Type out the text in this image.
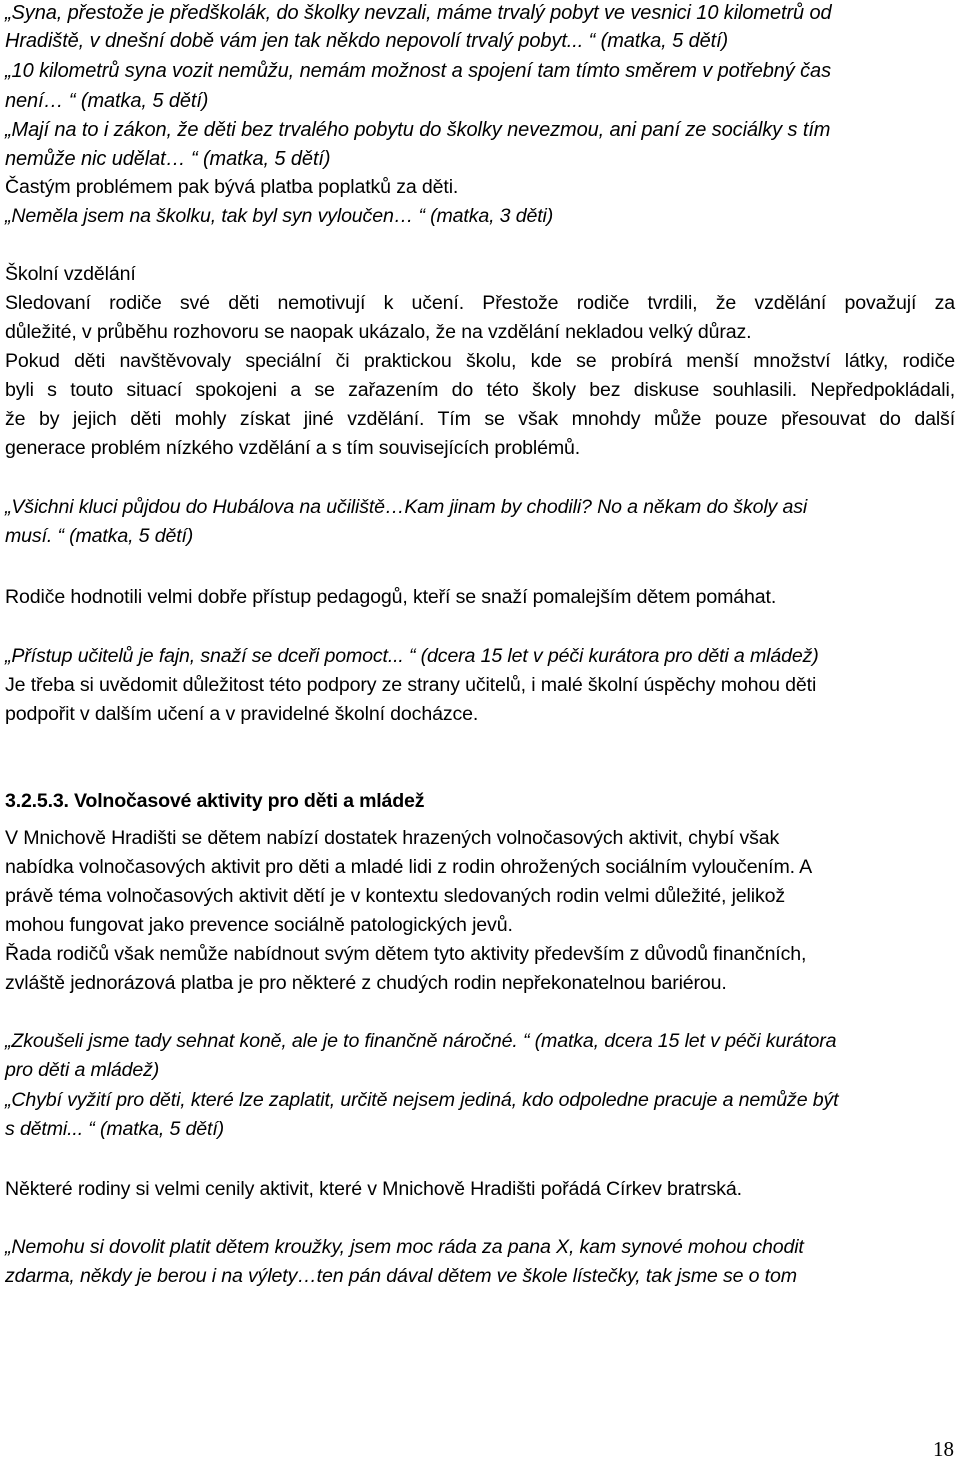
„Syna, přestože je předškolák, do školky nevzali, máme trvalý pobyt ve vesnici 10 kilometrů od
Hradiště, v dnešní době vám jen tak někdo nepovolí trvalý pobyt... “ (matka, 5 dětí)
„10 kilometrů syna vozit nemůžu, nemám možnost a spojení tam tímto směrem v potřebný čas
není… “ (matka, 5 dětí)
„Mají na to i zákon, že děti bez trvalého pobytu do školky nevezmou, ani paní ze sociálky s tím
nemůže nic udělat… “ (matka, 5 dětí)
Častým problémem pak bývá platba poplatků za děti.
„Neměla jsem na školku, tak byl syn vyloučen… “ (matka, 3 děti)
Školní vzdělání
Sledovaní rodiče své děti nemotivují k učení. Přestože rodiče tvrdili, že vzdělání považují za
důležité, v průběhu rozhovoru se naopak ukázalo, že na vzdělání nekladou velký důraz.
Pokud děti navštěvovaly speciální či praktickou školu, kde se probírá menší množství látky, rodiče
byli s touto situací spokojeni a se zařazením do této školy bez diskuse souhlasili. Nepředpokládali,
že by jejich děti mohly získat jiné vzdělání. Tím se však mnohdy může pouze přesouvat do další
generace problém nízkého vzdělání a s tím souvisejících problémů.
„Všichni kluci půjdou do Hubálova na učiliště…Kam jinam by chodili? No a někam do školy asi
musí. “ (matka, 5 dětí)
Rodiče hodnotili velmi dobře přístup pedagogů, kteří se snaží pomalejším dětem pomáhat.
„Přístup učitelů je fajn, snaží se dceři pomoct... “ (dcera 15 let v péči kurátora pro děti a mládež)
Je třeba si uvědomit důležitost této podpory ze strany učitelů, i malé školní úspěchy mohou děti
podpořit v dalším učení a v pravidelné školní docházce.
3.2.5.3. Volnočasové aktivity pro děti a mládež
V Mnichově Hradišti se dětem nabízí dostatek hrazených volnočasových aktivit, chybí však
nabídka volnočasových aktivit pro děti a mladé lidi z rodin ohrožených sociálním vyloučením. A
právě téma volnočasových aktivit dětí je v kontextu sledovaných rodin velmi důležité, jelikož
mohou fungovat jako prevence sociálně patologických jevů.
Řada rodičů však nemůže nabídnout svým dětem tyto aktivity především z důvodů finančních,
zvláště jednorázová platba je pro některé z chudých rodin nepřekonatelnou bariérou.
„Zkoušeli jsme tady sehnat koně, ale je to finančně náročné. “ (matka, dcera 15 let v péči kurátora
pro děti a mládež)
„Chybí vyžití pro děti, které lze zaplatit, určitě nejsem jediná, kdo odpoledne pracuje a nemůže být
s dětmi... “ (matka, 5 dětí)
Některé rodiny si velmi cenily aktivit, které v Mnichově Hradišti pořádá Církev bratrská.
„Nemohu si dovolit platit dětem kroužky, jsem moc ráda za pana X, kam synové mohou chodit
zdarma, někdy je berou i na výlety…ten pán dával dětem ve škole lístečky, tak jsme se o tom
18
